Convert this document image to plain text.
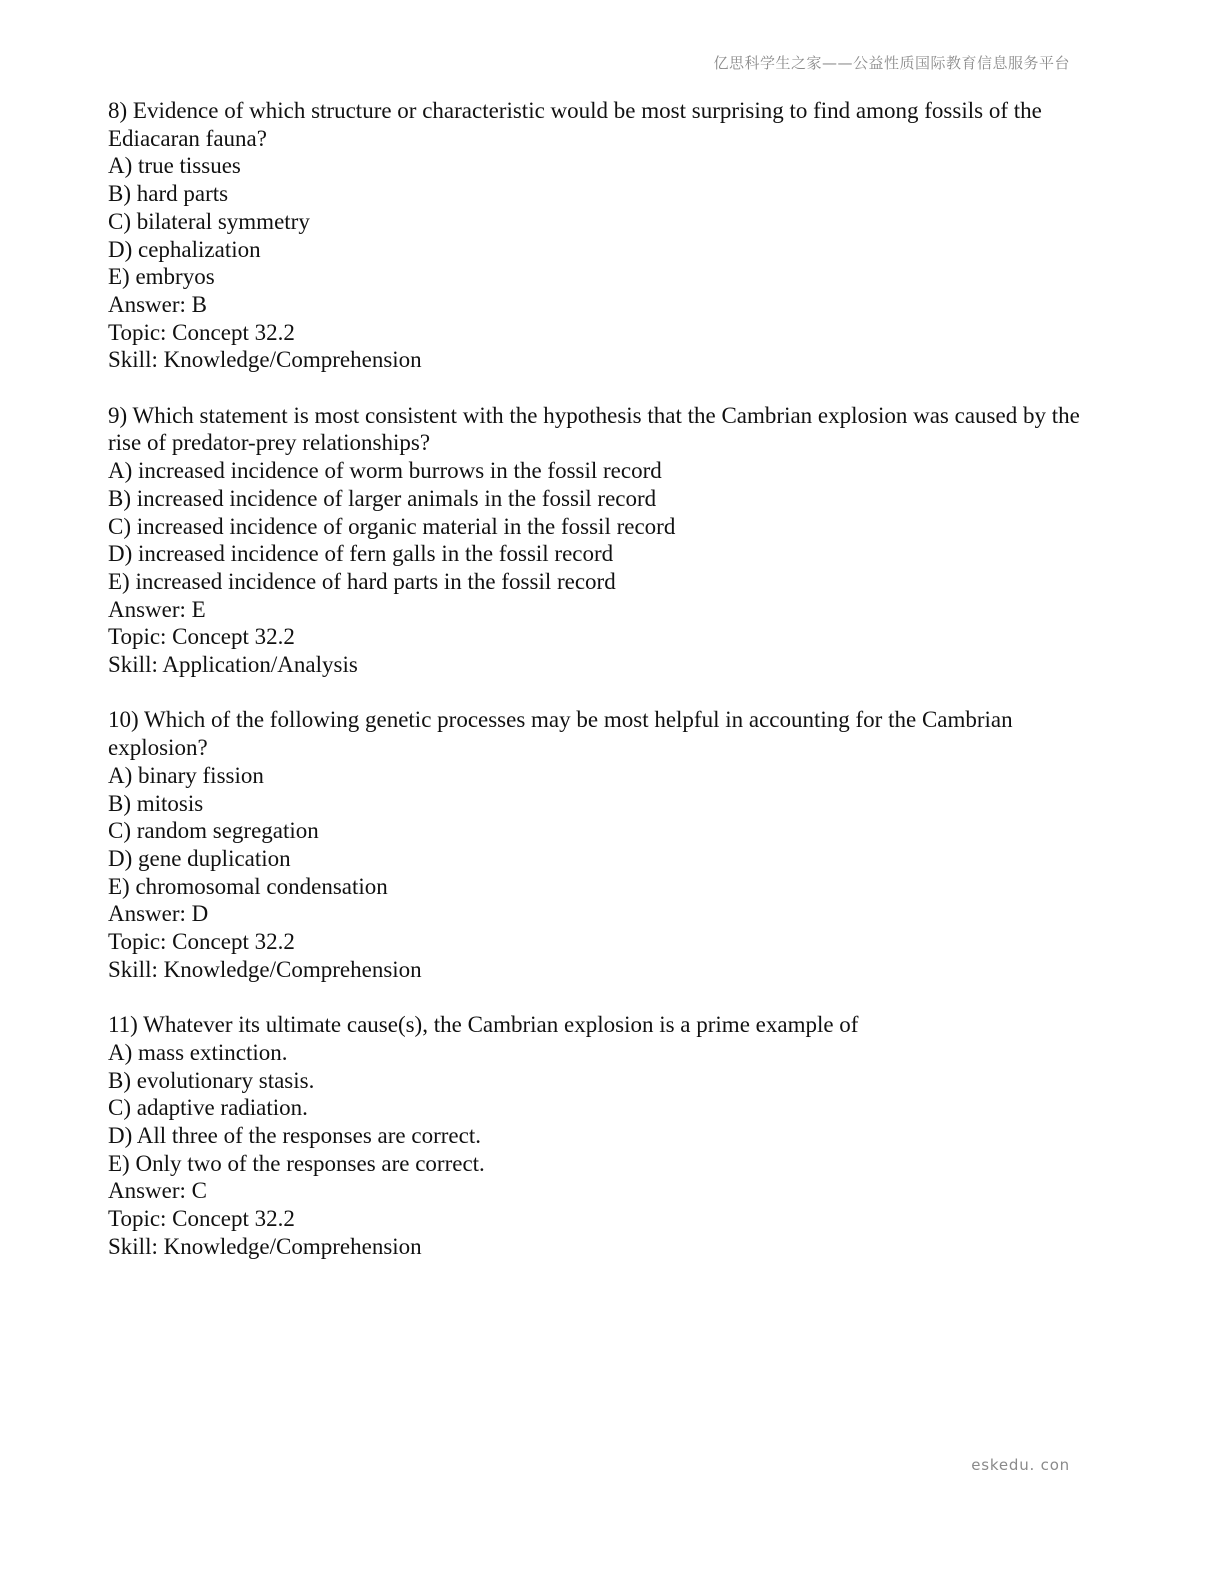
亿思科学生之家——公益性质国际教育信息服务平台
8) Evidence of which structure or characteristic would be most surprising to find among fossils of the Ediacaran fauna?
A) true tissues
B) hard parts
C) bilateral symmetry
D) cephalization
E) embryos
Answer: B
Topic: Concept 32.2
Skill: Knowledge/Comprehension
9) Which statement is most consistent with the hypothesis that the Cambrian explosion was caused by the rise of predator-prey relationships?
A) increased incidence of worm burrows in the fossil record
B) increased incidence of larger animals in the fossil record
C) increased incidence of organic material in the fossil record
D) increased incidence of fern galls in the fossil record
E) increased incidence of hard parts in the fossil record
Answer: E
Topic: Concept 32.2
Skill: Application/Analysis
10) Which of the following genetic processes may be most helpful in accounting for the Cambrian explosion?
A) binary fission
B) mitosis
C) random segregation
D) gene duplication
E) chromosomal condensation
Answer: D
Topic: Concept 32.2
Skill: Knowledge/Comprehension
11) Whatever its ultimate cause(s), the Cambrian explosion is a prime example of
A) mass extinction.
B) evolutionary stasis.
C) adaptive radiation.
D) All three of the responses are correct.
E) Only two of the responses are correct.
Answer: C
Topic: Concept 32.2
Skill: Knowledge/Comprehension
eskedu. con
